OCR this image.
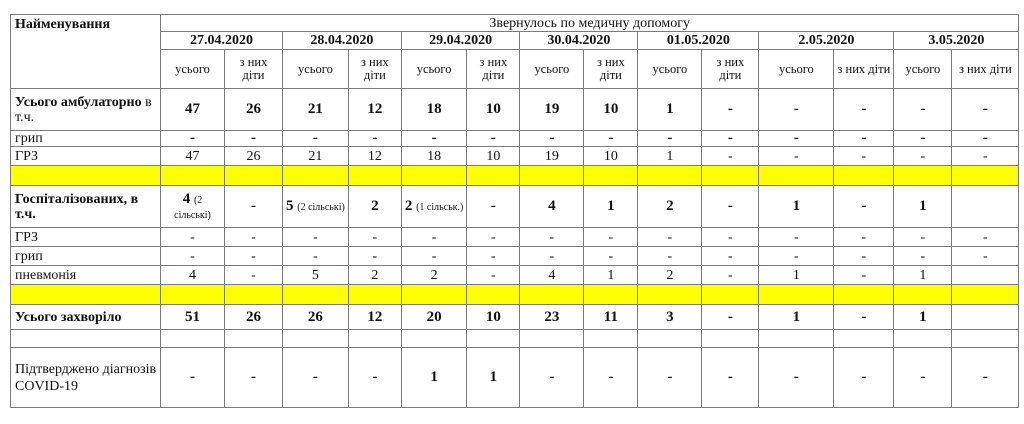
Найменування	Звернулось по медичну допомогу													
	27.04.2020		28.04.2020		29.04.2020		30.04.2020		01.05.2020		2.05.2020		3.05.2020	
	усього	з них діти	усього	з них діти	усього	з них діти	усього	з них діти	усього	з них діти	усього	з них діти	усього	з них діти
Усього амбулаторно в т.ч.	47	26	21	12	18	10	19	10	1	-	-	-	-	-
грип	-	-	-	-	-	-	-	-	-	-	-	-	-	-
ГРЗ	47	26	21	12	18	10	19	10	1	-	-	-	-	-

Госпіталізованих, в т.ч.	4 (2 сільські)	-	5 (2 сільські)	2	2 (1 сільськ.)	-	4	1	2	-	1	-	1	
ГРЗ	-	-	-	-	-	-	-	-	-	-	-	-	-	-
грип	-	-	-	-	-	-	-	-	-	-	-	-	-	-
пневмонія	4	-	5	2	2	-	4	1	2	-	1	-	1	

Усього захворіло	51	26	26	12	20	10	23	11	3	-	1	-	1	

Підтверджено діагнозів COVID-19	-	-	-	-	1	1	-	-	-	-	-	-	-	-
